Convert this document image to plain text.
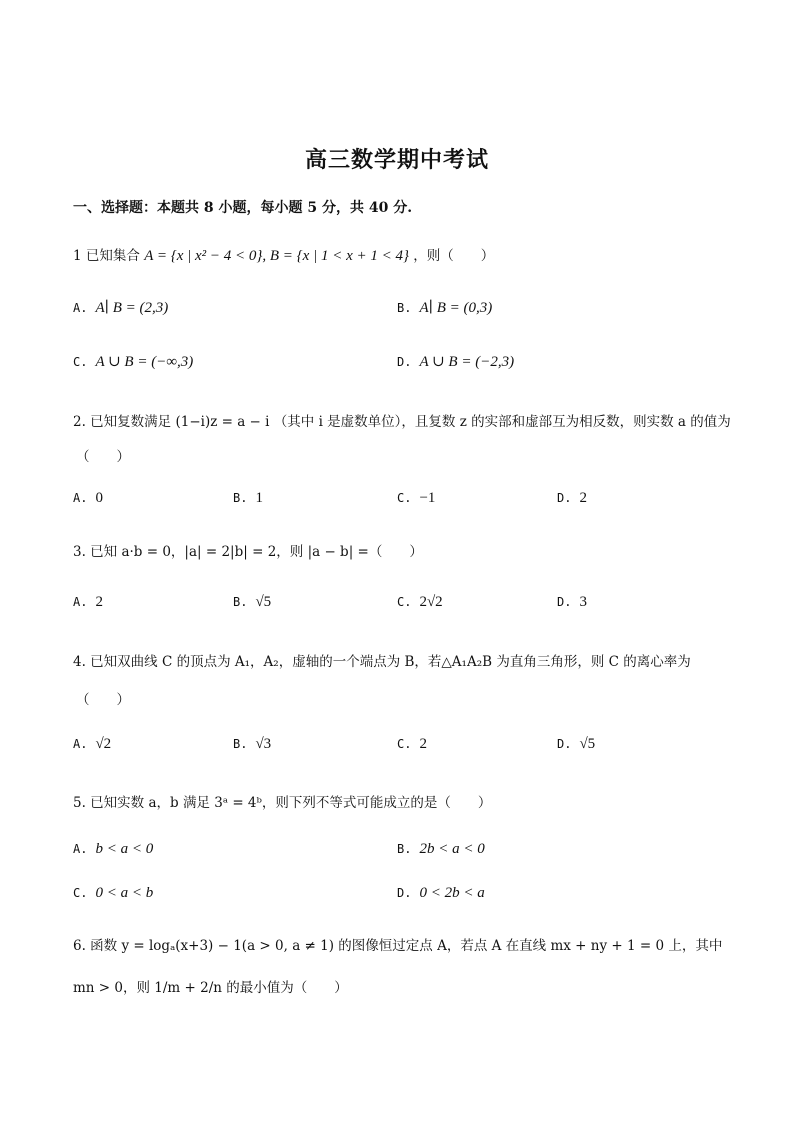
高三数学期中考试
一、选择题：本题共 8 小题，每小题 5 分，共 40 分.
1 已知集合 A = {x | x² − 4 < 0}, B = {x | 1 < x + 1 < 4} ，则（　　）
A. A∣ B = (2,3)	B. A∣ B = (0,3)
C. A ∪ B = (−∞,3)	D. A ∪ B = (−2,3)
2. 已知复数满足 (1−i)z = a − i （其中 i 是虚数单位），且复数 z 的实部和虚部互为相反数，则实数 a 的值为
（　　）
A. 0	B. 1	C. −1	D. 2
3. 已知 a·b = 0，|a| = 2|b| = 2，则 |a − b| =（　　）
A. 2	B. √5	C. 2√2	D. 3
4. 已知双曲线 C 的顶点为 A₁，A₂，虚轴的一个端点为 B，若△A₁A₂B 为直角三角形，则 C 的离心率为
（　　）
A. √2	B. √3	C. 2	D. √5
5. 已知实数 a，b 满足 3ᵃ = 4ᵇ，则下列不等式可能成立的是（　　）
A. b < a < 0	B. 2b < a < 0
C. 0 < a < b	D. 0 < 2b < a
6. 函数 y = logₐ(x+3) − 1(a > 0, a ≠ 1) 的图像恒过定点 A，若点 A 在直线 mx + ny + 1 = 0 上，其中
mn > 0，则 1/m + 2/n 的最小值为（　　）
